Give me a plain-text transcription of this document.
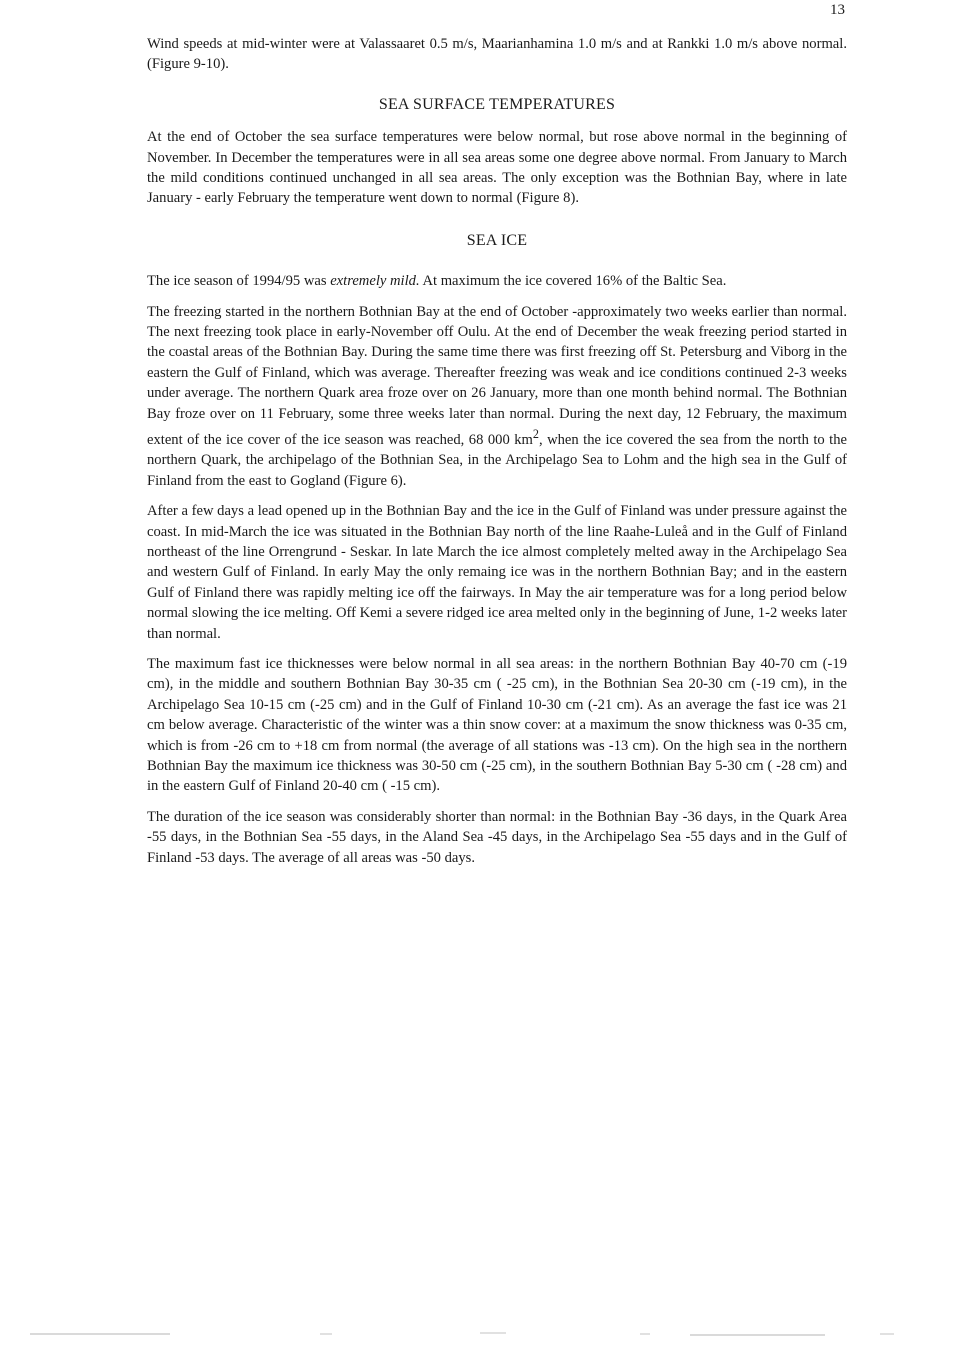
13

Wind speeds at mid-winter were at Valassaaret 0.5 m/s, Maarianhamina 1.0 m/s and at Rankki 1.0 m/s above normal. (Figure 9-10).

SEA SURFACE TEMPERATURES

At the end of October the sea surface temperatures were below normal, but rose above normal in the beginning of November. In December the temperatures were in all sea areas some one degree above normal. From January to March the mild conditions continued unchanged in all sea areas. The only exception was the Bothnian Bay, where in late January - early February the temperature went down to normal (Figure 8).

SEA ICE

The ice season of 1994/95 was extremely mild. At maximum the ice covered 16% of the Baltic Sea.

The freezing started in the northern Bothnian Bay at the end of October -approximately two weeks earlier than normal. The next freezing took place in early-November off Oulu. At the end of December the weak freezing period started in the coastal areas of the Bothnian Bay. During the same time there was first freezing off St. Petersburg and Viborg in the eastern the Gulf of Finland, which was average. Thereafter freezing was weak and ice conditions continued 2-3 weeks under average. The northern Quark area froze over on 26 January, more than one month behind normal. The Bothnian Bay froze over on 11 February, some three weeks later than normal. During the next day, 12 February, the maximum extent of the ice cover of the ice season was reached, 68 000 $km^2$, when the ice covered the sea from the north to the northern Quark, the archipelago of the Bothnian Sea, in the Archipelago Sea to Lohm and the high sea in the Gulf of Finland from the east to Gogland (Figure 6).

After a few days a lead opened up in the Bothnian Bay and the ice in the Gulf of Finland was under pressure against the coast. In mid-March the ice was situated in the Bothnian Bay north of the line Raahe-Luleå and in the Gulf of Finland northeast of the line Orrengrund - Seskar. In late March the ice almost completely melted away in the Archipelago Sea and western Gulf of Finland. In early May the only remaing ice was in the northern Bothnian Bay; and in the eastern Gulf of Finland there was rapidly melting ice off the fairways. In May the air temperature was for a long period below normal slowing the ice melting. Off Kemi a severe ridged ice area melted only in the beginning of June, 1-2 weeks later than normal.

The maximum fast ice thicknesses were below normal in all sea areas: in the northern Bothnian Bay 40-70 cm (-19 cm), in the middle and southern Bothnian Bay 30-35 cm ( -25 cm), in the Bothnian Sea 20-30 cm (-19 cm), in the Archipelago Sea 10-15 cm (-25 cm) and in the Gulf of Finland 10-30 cm (-21 cm). As an average the fast ice was 21 cm below average. Characteristic of the winter was a thin snow cover: at a maximum the snow thickness was 0-35 cm, which is from -26 cm to +18 cm from normal (the average of all stations was -13 cm). On the high sea in the northern Bothnian Bay the maximum ice thickness was 30-50 cm (-25 cm), in the southern Bothnian Bay 5-30 cm ( -28 cm) and in the eastern Gulf of Finland 20-40 cm ( -15 cm).

The duration of the ice season was considerably shorter than normal: in the Bothnian Bay -36 days, in the Quark Area -55 days, in the Bothnian Sea -55 days, in the Aland Sea -45 days, in the Archipelago Sea -55 days and in the Gulf of Finland -53 days. The average of all areas was -50 days.
